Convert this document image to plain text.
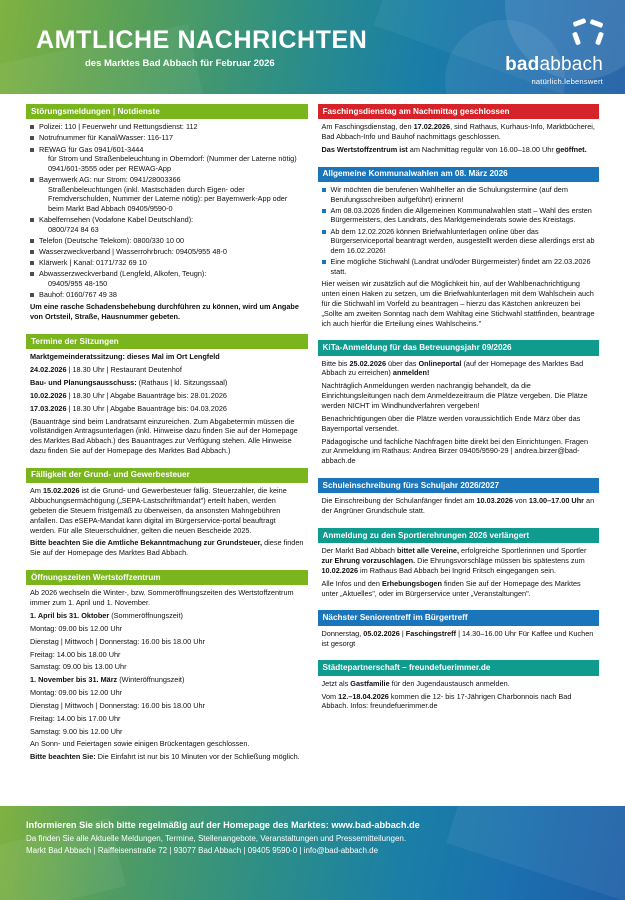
AMTLICHE NACHRICHTEN
des Marktes Bad Abbach für Februar 2026	badabbach
natürlich.lebenswert
Störungsmeldungen | Notdienste
Polizei: 110 | Feuerwehr und Rettungsdienst: 112
Notrufnummer für Kanal/Wasser: 116-117
REWAG für Gas 0941/601-3444
für Strom und Straßenbeleuchtung in Oberndorf: (Nummer der Laterne nötig) 0941/601-3555 oder per REWAG-App
Bayernwerk AG: nur Strom: 0941/28003366
Straßenbeleuchtungen (inkl. Mastschäden durch Eigen- oder Fremdverschulden, Nummer der Laterne nötig): per Bayernwerk-App oder beim Markt Bad Abbach 09405/9590-0
Kabelfernsehen (Vodafone Kabel Deutschland):
0800/724 84 63
Telefon (Deutsche Telekom): 0800/330 10 00
Wasserzweckverband | Wasserrohrbruch: 09405/955 48-0
Klärwerk | Kanal: 0171/732 69 10
Abwasserzweckverband (Lengfeld, Alkofen, Teugn):
09405/955 48-150
Bauhof: 0160/767 49 38

Um eine rasche Schadensbehebung durchführen zu können, wird um Angabe von Ortsteil, Straße, Hausnummer gebeten.

Termine der Sitzungen

Marktgemeinderatssitzung: dieses Mal im Ort Lengfeld

24.02.2026 | 18.30 Uhr | Restaurant Deutenhof

Bau- und Planungsausschuss: (Rathaus | kl. Sitzungssaal)

10.02.2026 | 18.30 Uhr | Abgabe Bauanträge bis: 28.01.2026

17.03.2026 | 18.30 Uhr | Abgabe Bauanträge bis: 04.03.2026

(Bauanträge sind beim Landratsamt einzureichen. Zum Abgabetermin müssen die vollständigen Antragsunterlagen (inkl. Hinweise dazu finden Sie auf der Homepage des Marktes Bad Abbach.) des Bauantrages zur Verfügung stehen. Alle Hinweise dazu finden Sie auf der Homepage des Marktes Bad Abbach.)

Fälligkeit der Grund- und Gewerbesteuer

Am 15.02.2026 ist die Grund- und Gewerbesteuer fällig. Steuerzahler, die keine Abbuchungsermächtigung („SEPA-Lastschriftmandat") erteilt haben, werden gebeten die Steuern fristgemäß zu überweisen, da ansonsten Mahngebühren anfallen. Das eSEPA-Mandat kann digital im Bürgerservice-portal beauftragt werden. Für alle Steuerschuldner, gelten die neuen Bescheide 2025.

Bitte beachten Sie die Amtliche Bekanntmachung zur Grundsteuer, diese finden Sie auf der Homepage des Marktes Bad Abbach.

Öffnungszeiten Wertstoffzentrum

Ab 2026 wechseln die Winter-, bzw. Sommeröffnungszeiten des Wertstoffzentrum immer zum 1. April und 1. November.

1. April bis 31. Oktober (Sommeröffnungszeit)

Montag: 09.00 bis 12.00 Uhr

Dienstag | Mittwoch | Donnerstag: 16.00 bis 18.00 Uhr

Freitag: 14.00 bis 18.00 Uhr

Samstag: 09.00 bis 13.00 Uhr

1. November bis 31. März (Winteröffnungszeit)

Montag: 09.00 bis 12.00 Uhr

Dienstag | Mittwoch | Donnerstag: 16.00 bis 18.00 Uhr

Freitag: 14.00 bis 17.00 Uhr

Samstag: 9.00 bis 12.00 Uhr

An Sonn- und Feiertagen sowie einigen Brückentagen geschlossen.

Bitte beachten Sie: Die Einfahrt ist nur bis 10 Minuten vor der Schließung möglich.

Faschingsdienstag am Nachmittag geschlossen

Am Faschingsdienstag, den 17.02.2026, sind Rathaus, Kurhaus-Info, Marktbücherei, Bad Abbach-Info und Bauhof nachmittags geschlossen.

Das Wertstoffzentrum ist am Nachmittag regulär von 16.00–18.00 Uhr geöffnet.

Allgemeine Kommunalwahlen am 08. März 2026
Wir möchten die berufenen Wahlhelfer an die Schulungstermine (auf dem Berufungsschreiben aufgeführt) erinnern!
Am 08.03.2026 finden die Allgemeinen Kommunalwahlen statt – Wahl des ersten Bürgermeisters, des Landrats, des Marktgemeinderats sowie des Kreistags.
Ab dem 12.02.2026 können Briefwahlunterlagen online über das Bürgerserviceportal beantragt werden, ausgestellt werden diese allerdings erst ab dem 16.02.2026!
Eine mögliche Stichwahl (Landrat und/oder Bürgermeister) findet am 22.03.2026 statt.

Hier weisen wir zusätzlich auf die Möglichkeit hin, auf der Wahlbenachrichtigung unten einen Haken zu setzen, um die Briefwahlunterlagen mit dem Wahlschein auch für die Stichwahl im Vorfeld zu beantragen – hierzu das Kästchen ankreuzen bei „Sollte am zweiten Sonntag nach dem Wahltag eine Stichwahl stattfinden, beantrage ich auch hierfür die Erteilung eines Wahlscheins."

KiTa-Anmeldung für das Betreuungsjahr 09/2026

Bitte bis 25.02.2026 über das Onlineportal (auf der Homepage des Marktes Bad Abbach zu erreichen) anmelden!

Nachträglich Anmeldungen werden nachrangig behandelt, da die Einrichtungsleitungen nach dem Anmeldezeitraum die Plätze vergeben. Die Plätze werden NICHT im Windhundverfahren vergeben!

Benachrichtigungen über die Plätze werden voraussichtlich Ende März über das Bayernportal versendet.

Pädagogische und fachliche Nachfragen bitte direkt bei den Einrichtungen. Fragen zur Anmeldung im Rathaus: Andrea Birzer 09405/9590-29 | andrea.birzer@bad-abbach.de

Schuleinschreibung fürs Schuljahr 2026/2027

Die Einschreibung der Schulanfänger findet am 10.03.2026 von 13.00–17.00 Uhr an der Angrüner Grundschule statt.

Anmeldung zu den Sportlerehrungen 2026 verlängert

Der Markt Bad Abbach bittet alle Vereine, erfolgreiche Sportlerinnen und Sportler zur Ehrung vorzuschlagen. Die Ehrungsvorschläge müssen bis spätestens zum 10.02.2026 im Rathaus Bad Abbach bei Ingrid Fritsch eingegangen sein.

Alle Infos und den Erhebungsbogen finden Sie auf der Homepage des Marktes unter „Aktuelles", oder im Bürgerservice unter „Veranstaltungen".

Nächster Seniorentreff im Bürgertreff

Donnerstag, 05.02.2026 | Faschingstreff | 14.30–16.00 Uhr Für Kaffee und Kuchen ist gesorgt

Städtepartnerschaft – freundefuerimmer.de

Jetzt als Gastfamilie für den Jugendaustausch anmelden.

Vom 12.–18.04.2026 kommen die 12- bis 17-Jährigen Charbonnois nach Bad Abbach. Infos: freundefuerimmer.de

Informieren Sie sich bitte regelmäßig auf der Homepage des Marktes: www.bad-abbach.de
Da finden Sie alle Aktuelle Meldungen, Termine, Stellenangebote, Veranstaltungen und Pressemitteilungen.
Markt Bad Abbach | Raiffeisenstraße 72 | 93077 Bad Abbach | 09405 9590-0 | info@bad-abbach.de
